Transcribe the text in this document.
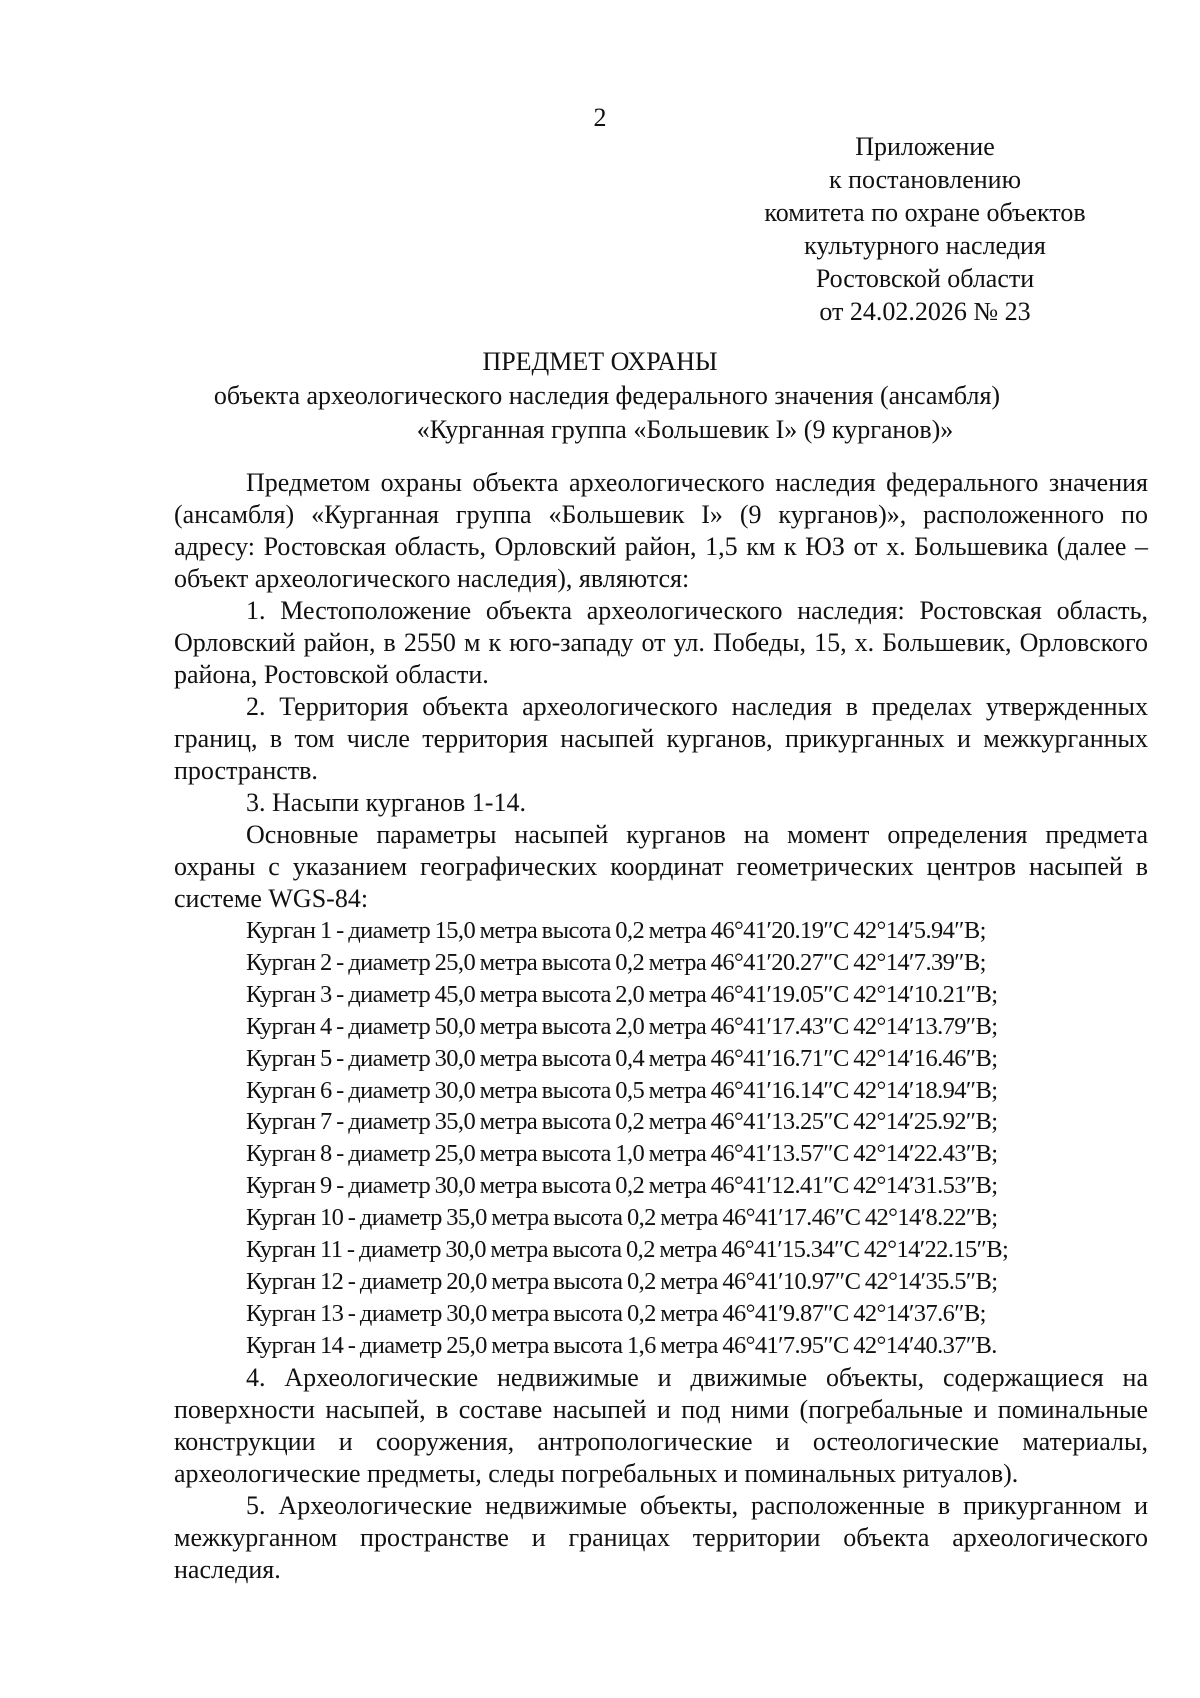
2
Приложение
к постановлению
комитета по охране объектов
культурного наследия
Ростовской области
от 24.02.2026 № 23
ПРЕДМЕТ ОХРАНЫ
объекта археологического наследия федерального значения (ансамбля)
«Курганная группа «Большевик I» (9 курганов)»

Предметом охраны объекта археологического наследия федерального значения (ансамбля) «Курганная группа «Большевик I» (9 курганов)», расположенного по адресу: Ростовская область, Орловский район, 1,5 км к ЮЗ от х. Большевика (далее – объект археологического наследия), являются:

1. Местоположение объекта археологического наследия: Ростовская область, Орловский район, в 2550 м к юго-западу от ул. Победы, 15, х. Большевик, Орловского района, Ростовской области.

2. Территория объекта археологического наследия в пределах утвержденных границ, в том числе территория насыпей курганов, прикурганных и межкурганных пространств.

3. Насыпи курганов 1-14.

Основные параметры насыпей курганов на момент определения предмета охраны с указанием географических координат геометрических центров насыпей в системе WGS-84:

Курган 1 - диаметр 15,0 метра высота 0,2 метра 46°41′20.19″С 42°14′5.94″В;
Курган 2 - диаметр 25,0 метра высота 0,2 метра 46°41′20.27″С 42°14′7.39″В;
Курган 3 - диаметр 45,0 метра высота 2,0 метра 46°41′19.05″С 42°14′10.21″В;
Курган 4 - диаметр 50,0 метра высота 2,0 метра 46°41′17.43″С 42°14′13.79″В;
Курган 5 - диаметр 30,0 метра высота 0,4 метра 46°41′16.71″С 42°14′16.46″В;
Курган 6 - диаметр 30,0 метра высота 0,5 метра 46°41′16.14″С 42°14′18.94″В;
Курган 7 - диаметр 35,0 метра высота 0,2 метра 46°41′13.25″С 42°14′25.92″В;
Курган 8 - диаметр 25,0 метра высота 1,0 метра 46°41′13.57″С 42°14′22.43″В;
Курган 9 - диаметр 30,0 метра высота 0,2 метра 46°41′12.41″С 42°14′31.53″В;
Курган 10 - диаметр 35,0 метра высота 0,2 метра 46°41′17.46″С 42°14′8.22″В;
Курган 11 - диаметр 30,0 метра высота 0,2 метра 46°41′15.34″С 42°14′22.15″В;
Курган 12 - диаметр 20,0 метра высота 0,2 метра 46°41′10.97″С 42°14′35.5″В;
Курган 13 - диаметр 30,0 метра высота 0,2 метра 46°41′9.87″С 42°14′37.6″В;
Курган 14 - диаметр 25,0 метра высота 1,6 метра 46°41′7.95″С 42°14′40.37″В.

4. Археологические недвижимые и движимые объекты, содержащиеся на поверхности насыпей, в составе насыпей и под ними (погребальные и поминальные конструкции и сооружения, антропологические и остеологические материалы, археологические предметы, следы погребальных и поминальных ритуалов).

5. Археологические недвижимые объекты, расположенные в прикурганном и межкурганном пространстве и границах территории объекта археологического наследия.
